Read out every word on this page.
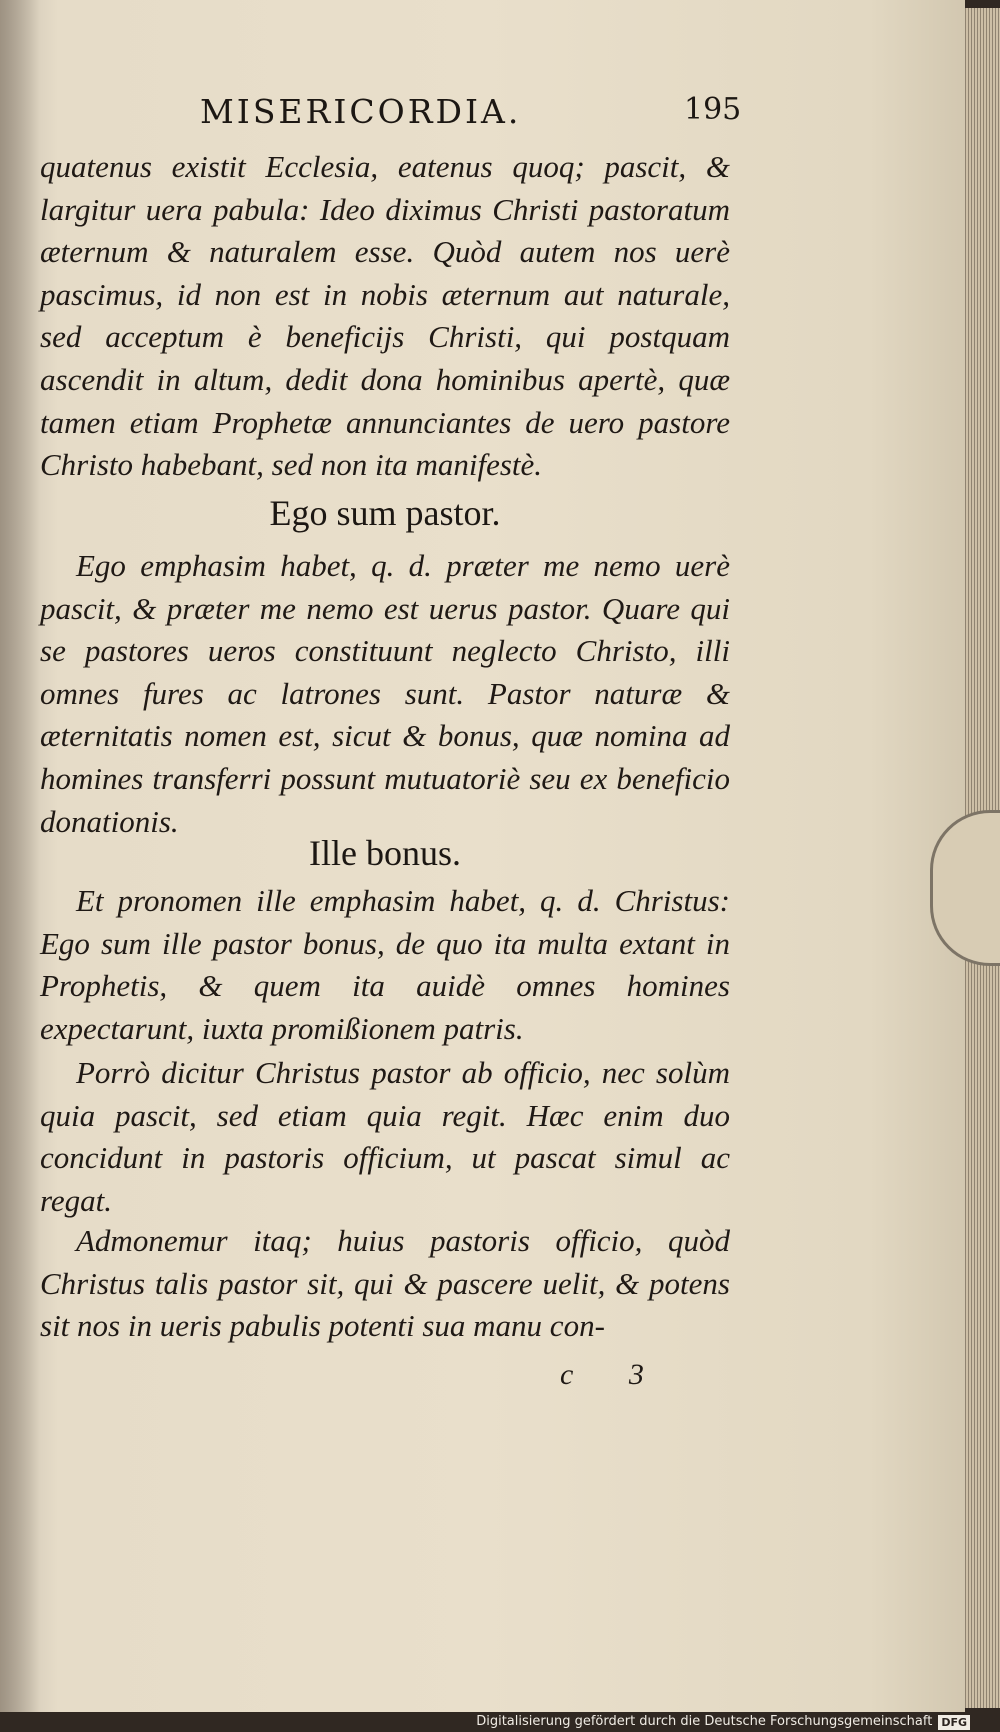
MISERICORDIA.	195

quatenus existit Ecclesia, eatenus quoq; pascit, & largitur uera pabula: Ideo diximus Christi pastoratum æternum & naturalem esse. Quòd autem nos uerè pascimus, id non est in nobis æternum aut naturale, sed acceptum è beneficijs Christi, qui postquam ascendit in altum, dedit dona hominibus apertè, quæ tamen etiam Prophetæ annunciantes de uero pastore Christo habebant, sed non ita manifestè.

Ego sum pastor.

Ego emphasim habet, q. d. præter me nemo uerè pascit, & præter me nemo est uerus pastor. Quare qui se pastores ueros constituunt neglecto Christo, illi omnes fures ac latrones sunt. Pastor naturæ & æternitatis nomen est, sicut & bonus, quæ nomina ad homines transferri possunt mutuatoriè seu ex beneficio donationis.

Ille bonus.

Et pronomen ille emphasim habet, q. d. Christus: Ego sum ille pastor bonus, de quo ita multa extant in Prophetis, & quem ita auidè omnes homines expectarunt, iuxta promißionem patris.

Porrò dicitur Christus pastor ab officio, nec solùm quia pascit, sed etiam quia regit. Hæc enim duo concidunt in pastoris officium, ut pascat simul ac regat.

Admonemur itaq; huius pastoris officio, quòd Christus talis pastor sit, qui & pascere uelit, & potens sit nos in ueris pabulis potenti sua manu con-

c 3
Digitalisierung gefördert durch die Deutsche Forschungsgemeinschaft DFG
